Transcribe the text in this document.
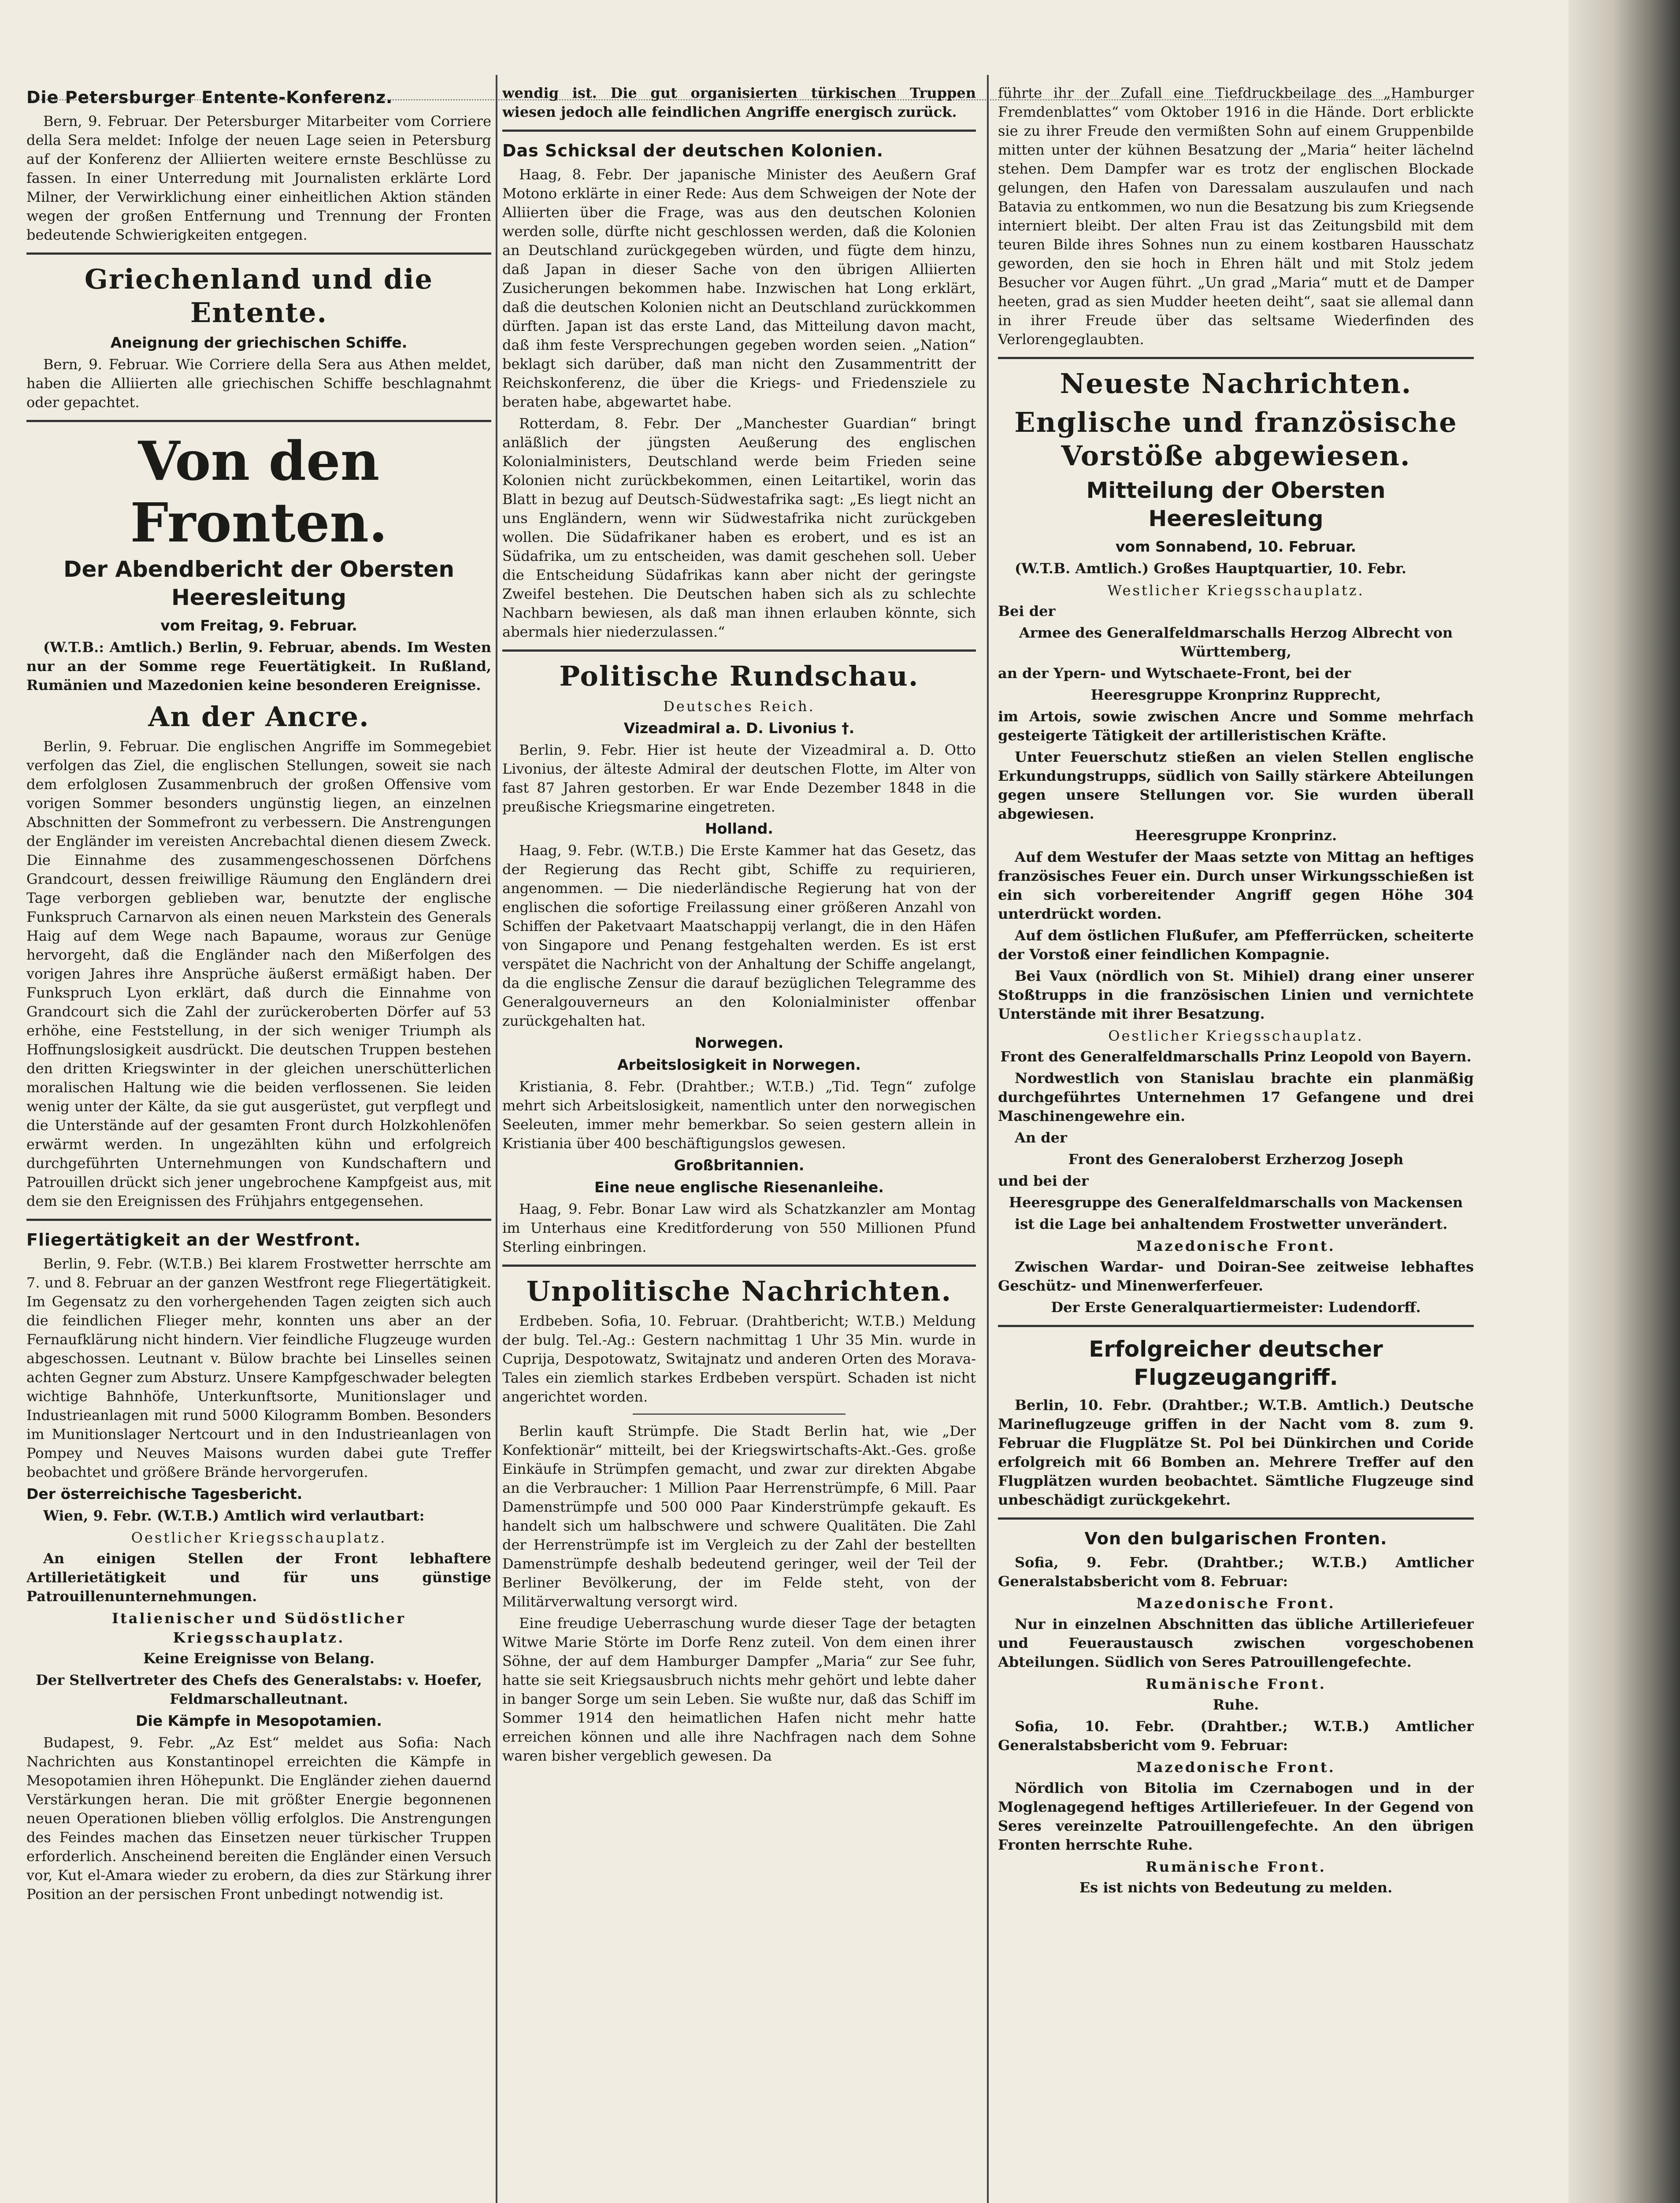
Die Petersburger Entente-Konferenz.

Bern, 9. Februar. Der Petersburger Mitarbeiter vom Corriere della Sera meldet: Infolge der neuen Lage seien in Petersburg auf der Konferenz der Alliierten weitere ernste Beschlüsse zu fassen. In einer Unterredung mit Journalisten erklärte Lord Milner, der Verwirklichung einer einheitlichen Aktion ständen wegen der großen Entfernung und Trennung der Fronten bedeutende Schwierigkeiten entgegen.

Griechenland und die Entente.
Aneignung der griechischen Schiffe.

Bern, 9. Februar. Wie Corriere della Sera aus Athen meldet, haben die Alliierten alle griechischen Schiffe beschlagnahmt oder gepachtet.

Von den Fronten.
Der Abendbericht der Obersten Heeresleitung
vom Freitag, 9. Februar.

(W.T.B.: Amtlich.) Berlin, 9. Februar, abends. Im Westen nur an der Somme rege Feuertätigkeit. In Rußland, Rumänien und Mazedonien keine besonderen Ereignisse.

An der Ancre.

Berlin, 9. Februar. Die englischen Angriffe im Sommegebiet verfolgen das Ziel, die englischen Stellungen, soweit sie nach dem erfolglosen Zusammenbruch der großen Offensive vom vorigen Sommer besonders ungünstig liegen, an einzelnen Abschnitten der Sommefront zu verbessern. Die Anstrengungen der Engländer im vereisten Ancrebachtal dienen diesem Zweck. Die Einnahme des zusammengeschossenen Dörfchens Grandcourt, dessen freiwillige Räumung den Engländern drei Tage verborgen geblieben war, benutzte der englische Funkspruch Carnarvon als einen neuen Markstein des Generals Haig auf dem Wege nach Bapaume, woraus zur Genüge hervorgeht, daß die Engländer nach den Mißerfolgen des vorigen Jahres ihre Ansprüche äußerst ermäßigt haben. Der Funkspruch Lyon erklärt, daß durch die Einnahme von Grandcourt sich die Zahl der zurückeroberten Dörfer auf 53 erhöhe, eine Feststellung, in der sich weniger Triumph als Hoffnungslosigkeit ausdrückt. Die deutschen Truppen bestehen den dritten Kriegswinter in der gleichen unerschütterlichen moralischen Haltung wie die beiden verflossenen. Sie leiden wenig unter der Kälte, da sie gut ausgerüstet, gut verpflegt und die Unterstände auf der gesamten Front durch Holzkohlenöfen erwärmt werden. In ungezählten kühn und erfolgreich durchgeführten Unternehmungen von Kundschaftern und Patrouillen drückt sich jener ungebrochene Kampfgeist aus, mit dem sie den Ereignissen des Frühjahrs entgegensehen.

Fliegertätigkeit an der Westfront.

Berlin, 9. Febr. (W.T.B.) Bei klarem Frostwetter herrschte am 7. und 8. Februar an der ganzen Westfront rege Fliegertätigkeit. Im Gegensatz zu den vorhergehenden Tagen zeigten sich auch die feindlichen Flieger mehr, konnten uns aber an der Fernaufklärung nicht hindern. Vier feindliche Flugzeuge wurden abgeschossen. Leutnant v. Bülow brachte bei Linselles seinen achten Gegner zum Absturz. Unsere Kampfgeschwader belegten wichtige Bahnhöfe, Unterkunftsorte, Munitionslager und Industrieanlagen mit rund 5000 Kilogramm Bomben. Besonders im Munitionslager Nertcourt und in den Industrieanlagen von Pompey und Neuves Maisons wurden dabei gute Treffer beobachtet und größere Brände hervorgerufen.

Der österreichische Tagesbericht.

Wien, 9. Febr. (W.T.B.) Amtlich wird verlautbart:

Oestlicher Kriegsschauplatz.

An einigen Stellen der Front lebhaftere Artillerietätigkeit und für uns günstige Patrouillenunternehmungen.

Italienischer und Südöstlicher Kriegsschauplatz.

Keine Ereignisse von Belang.

Der Stellvertreter des Chefs des Generalstabs: v. Hoefer, Feldmarschalleutnant.

Die Kämpfe in Mesopotamien.

Budapest, 9. Febr. „Az Est“ meldet aus Sofia: Nach Nachrichten aus Konstantinopel erreichten die Kämpfe in Mesopotamien ihren Höhepunkt. Die Engländer ziehen dauernd Verstärkungen heran. Die mit größter Energie begonnenen neuen Operationen blieben völlig erfolglos. Die Anstrengungen des Feindes machen das Einsetzen neuer türkischer Truppen erforderlich. Anscheinend bereiten die Engländer einen Versuch vor, Kut el-Amara wieder zu erobern, da dies zur Stärkung ihrer Position an der persischen Front unbedingt notwendig ist.

wendig ist. Die gut organisierten türkischen Truppen wiesen jedoch alle feindlichen Angriffe energisch zurück.

Das Schicksal der deutschen Kolonien.

Haag, 8. Febr. Der japanische Minister des Aeußern Graf Motono erklärte in einer Rede: Aus dem Schweigen der Note der Alliierten über die Frage, was aus den deutschen Kolonien werden solle, dürfte nicht geschlossen werden, daß die Kolonien an Deutschland zurückgegeben würden, und fügte dem hinzu, daß Japan in dieser Sache von den übrigen Alliierten Zusicherungen bekommen habe. Inzwischen hat Long erklärt, daß die deutschen Kolonien nicht an Deutschland zurückkommen dürften. Japan ist das erste Land, das Mitteilung davon macht, daß ihm feste Versprechungen gegeben worden seien. „Nation“ beklagt sich darüber, daß man nicht den Zusammentritt der Reichskonferenz, die über die Kriegs- und Friedensziele zu beraten habe, abgewartet habe.

Rotterdam, 8. Febr. Der „Manchester Guardian“ bringt anläßlich der jüngsten Aeußerung des englischen Kolonialministers, Deutschland werde beim Frieden seine Kolonien nicht zurückbekommen, einen Leitartikel, worin das Blatt in bezug auf Deutsch-Südwestafrika sagt: „Es liegt nicht an uns Engländern, wenn wir Südwestafrika nicht zurückgeben wollen. Die Südafrikaner haben es erobert, und es ist an Südafrika, um zu entscheiden, was damit geschehen soll. Ueber die Entscheidung Südafrikas kann aber nicht der geringste Zweifel bestehen. Die Deutschen haben sich als zu schlechte Nachbarn bewiesen, als daß man ihnen erlauben könnte, sich abermals hier niederzulassen.“

Politische Rundschau.
Deutsches Reich.
Vizeadmiral a. D. Livonius †.

Berlin, 9. Febr. Hier ist heute der Vizeadmiral a. D. Otto Livonius, der älteste Admiral der deutschen Flotte, im Alter von fast 87 Jahren gestorben. Er war Ende Dezember 1848 in die preußische Kriegsmarine eingetreten.

Holland.

Haag, 9. Febr. (W.T.B.) Die Erste Kammer hat das Gesetz, das der Regierung das Recht gibt, Schiffe zu requirieren, angenommen. — Die niederländische Regierung hat von der englischen die sofortige Freilassung einer größeren Anzahl von Schiffen der Paketvaart Maatschappij verlangt, die in den Häfen von Singapore und Penang festgehalten werden. Es ist erst verspätet die Nachricht von der Anhaltung der Schiffe angelangt, da die englische Zensur die darauf bezüglichen Telegramme des Generalgouverneurs an den Kolonialminister offenbar zurückgehalten hat.

Norwegen.
Arbeitslosigkeit in Norwegen.

Kristiania, 8. Febr. (Drahtber.; W.T.B.) „Tid. Tegn“ zufolge mehrt sich Arbeitslosigkeit, namentlich unter den norwegischen Seeleuten, immer mehr bemerkbar. So seien gestern allein in Kristiania über 400 beschäftigungslos gewesen.

Großbritannien.
Eine neue englische Riesenanleihe.

Haag, 9. Febr. Bonar Law wird als Schatzkanzler am Montag im Unterhaus eine Kreditforderung von 550 Millionen Pfund Sterling einbringen.

Unpolitische Nachrichten.

Erdbeben. Sofia, 10. Februar. (Drahtbericht; W.T.B.) Meldung der bulg. Tel.-Ag.: Gestern nachmittag 1 Uhr 35 Min. wurde in Cuprija, Despotowatz, Switajnatz und anderen Orten des Morava-Tales ein ziemlich starkes Erdbeben verspürt. Schaden ist nicht angerichtet worden.

Berlin kauft Strümpfe. Die Stadt Berlin hat, wie „Der Konfektionär“ mitteilt, bei der Kriegswirtschafts-Akt.-Ges. große Einkäufe in Strümpfen gemacht, und zwar zur direkten Abgabe an die Verbraucher: 1 Million Paar Herrenstrümpfe, 6 Mill. Paar Damenstrümpfe und 500 000 Paar Kinderstrümpfe gekauft. Es handelt sich um halbschwere und schwere Qualitäten. Die Zahl der Herrenstrümpfe ist im Vergleich zu der Zahl der bestellten Damenstrümpfe deshalb bedeutend geringer, weil der Teil der Berliner Bevölkerung, der im Felde steht, von der Militärverwaltung versorgt wird.

Eine freudige Ueberraschung wurde dieser Tage der betagten Witwe Marie Störte im Dorfe Renz zuteil. Von dem einen ihrer Söhne, der auf dem Hamburger Dampfer „Maria“ zur See fuhr, hatte sie seit Kriegsausbruch nichts mehr gehört und lebte daher in banger Sorge um sein Leben. Sie wußte nur, daß das Schiff im Sommer 1914 den heimatlichen Hafen nicht mehr hatte erreichen können und alle ihre Nachfragen nach dem Sohne waren bisher vergeblich gewesen. Da

führte ihr der Zufall eine Tiefdruckbeilage des „Hamburger Fremdenblattes“ vom Oktober 1916 in die Hände. Dort erblickte sie zu ihrer Freude den vermißten Sohn auf einem Gruppenbilde mitten unter der kühnen Besatzung der „Maria“ heiter lächelnd stehen. Dem Dampfer war es trotz der englischen Blockade gelungen, den Hafen von Daressalam auszulaufen und nach Batavia zu entkommen, wo nun die Besatzung bis zum Kriegsende interniert bleibt. Der alten Frau ist das Zeitungsbild mit dem teuren Bilde ihres Sohnes nun zu einem kostbaren Hausschatz geworden, den sie hoch in Ehren hält und mit Stolz jedem Besucher vor Augen führt. „Un grad „Maria“ mutt et de Damper heeten, grad as sien Mudder heeten deiht“, saat sie allemal dann in ihrer Freude über das seltsame Wiederfinden des Verlorengeglaubten.

Neueste Nachrichten.
Englische und französische Vorstöße abgewiesen.
Mitteilung der Obersten Heeresleitung
vom Sonnabend, 10. Februar.

(W.T.B. Amtlich.) Großes Hauptquartier, 10. Febr.

Westlicher Kriegsschauplatz.

Bei der

Armee des Generalfeldmarschalls Herzog Albrecht von Württemberg,

an der Ypern- und Wytschaete-Front, bei der

Heeresgruppe Kronprinz Rupprecht,

im Artois, sowie zwischen Ancre und Somme mehrfach gesteigerte Tätigkeit der artilleristischen Kräfte.

Unter Feuerschutz stießen an vielen Stellen englische Erkundungstrupps, südlich von Sailly stärkere Abteilungen gegen unsere Stellungen vor. Sie wurden überall abgewiesen.

Heeresgruppe Kronprinz.

Auf dem Westufer der Maas setzte von Mittag an heftiges französisches Feuer ein. Durch unser Wirkungsschießen ist ein sich vorbereitender Angriff gegen Höhe 304 unterdrückt worden.

Auf dem östlichen Flußufer, am Pfefferrücken, scheiterte der Vorstoß einer feindlichen Kompagnie.

Bei Vaux (nördlich von St. Mihiel) drang einer unserer Stoßtrupps in die französischen Linien und vernichtete Unterstände mit ihrer Besatzung.

Oestlicher Kriegsschauplatz.

Front des Generalfeldmarschalls Prinz Leopold von Bayern.

Nordwestlich von Stanislau brachte ein planmäßig durchgeführtes Unternehmen 17 Gefangene und drei Maschinengewehre ein.

An der

Front des Generaloberst Erzherzog Joseph

und bei der

Heeresgruppe des Generalfeldmarschalls von Mackensen

ist die Lage bei anhaltendem Frostwetter unverändert.

Mazedonische Front.

Zwischen Wardar- und Doiran-See zeitweise lebhaftes Geschütz- und Minenwerferfeuer.

Der Erste Generalquartiermeister: Ludendorff.

Erfolgreicher deutscher Flugzeugangriff.

Berlin, 10. Febr. (Drahtber.; W.T.B. Amtlich.) Deutsche Marineflugzeuge griffen in der Nacht vom 8. zum 9. Februar die Flugplätze St. Pol bei Dünkirchen und Coride erfolgreich mit 66 Bomben an. Mehrere Treffer auf den Flugplätzen wurden beobachtet. Sämtliche Flugzeuge sind unbeschädigt zurückgekehrt.

Von den bulgarischen Fronten.

Sofia, 9. Febr. (Drahtber.; W.T.B.) Amtlicher Generalstabsbericht vom 8. Februar:

Mazedonische Front.

Nur in einzelnen Abschnitten das übliche Artilleriefeuer und Feueraustausch zwischen vorgeschobenen Abteilungen. Südlich von Seres Patrouillengefechte.

Rumänische Front.

Ruhe.

Sofia, 10. Febr. (Drahtber.; W.T.B.) Amtlicher Generalstabsbericht vom 9. Februar:

Mazedonische Front.

Nördlich von Bitolia im Czernabogen und in der Moglenagegend heftiges Artilleriefeuer. In der Gegend von Seres vereinzelte Patrouillengefechte. An den übrigen Fronten herrschte Ruhe.

Rumänische Front.

Es ist nichts von Bedeutung zu melden.
